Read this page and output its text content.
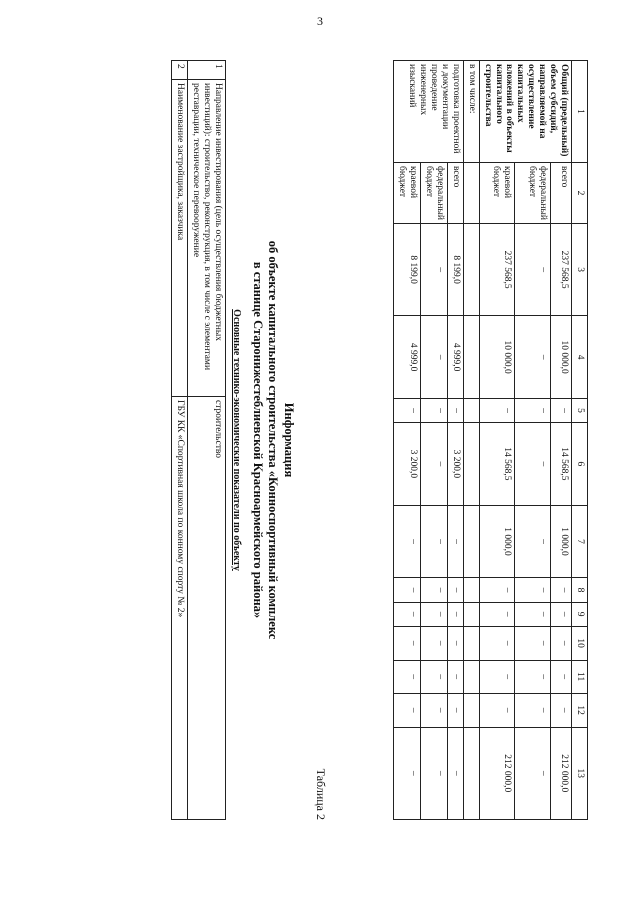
3
1	2	3	4	5	6	7	8	9	10	11	12	13
Общий (предельный) объем субсидий, направляемой на осуществление капитальных вложений в объекты капитального строительства	всего	237 568,5	10 000,0	–	14 568,5	1 000,0	–	–	–	–	–	212 000,0
	федеральный бюджет	–	–	–	–	–	–	–	–	–	–	–
	краевой бюджет	237 568,5	10 000,0	–	14 568,5	1 000,0	–	–	–	–	–	212 000,0
в том числе:												
подготовка проектной и документации проведение инженерных изысканий	всего	8 199,0	4 999,0	–	3 200,0	–	–	–	–	–	–	–
	федеральный бюджет	–	–	–	–	–	–	–	–	–	–	–
	краевой бюджет	8 199,0	4 999,0	–	3 200,0	–	–	–	–	–	–	–
Таблица 2
Информация
об объекте капитального строительства «Конноспортивный комплекс
в станице Старонижестеблиевской Красноармейского района»
Основные технико-экономические показатели по объекту
1	Направление инвестирования (цель осуществления бюджетных инвестиций): строительство, реконструкция, в том числе с элементами реставрации, техническое перевооружение	строительство
2	Наименование застройщика, заказчика	ГБУ КК «Спортивная школа по конному спорту № 2»
